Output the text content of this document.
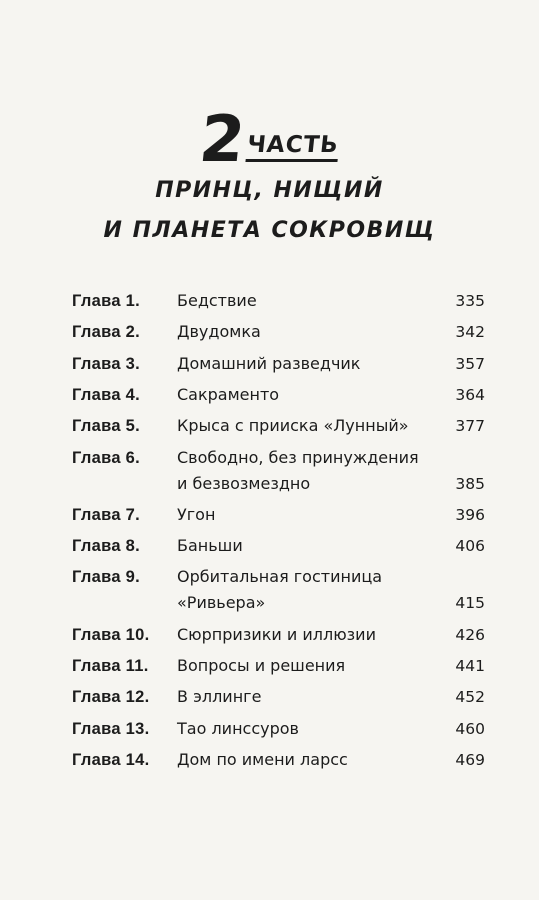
2ЧАСТЬ
ПРИНЦ, НИЩИЙ
И ПЛАНЕТА СОКРОВИЩ
Глава 1. Бедствие	335
Глава 2. Двудомка	342
Глава 3. Домашний разведчик	357
Глава 4. Сакраменто	364
Глава 5. Крыса с прииска «Лунный»	377
Глава 6. Свободно, без принуждения
и безвозмездно	385
Глава 7. Угон	396
Глава 8. Баньши	406
Глава 9. Орбитальная гостиница
«Ривьера»	415
Глава 10. Сюрпризики и иллюзии	426
Глава 11. Вопросы и решения	441
Глава 12. В эллинге	452
Глава 13. Тао линссуров	460
Глава 14. Дом по имени ларсс	469
